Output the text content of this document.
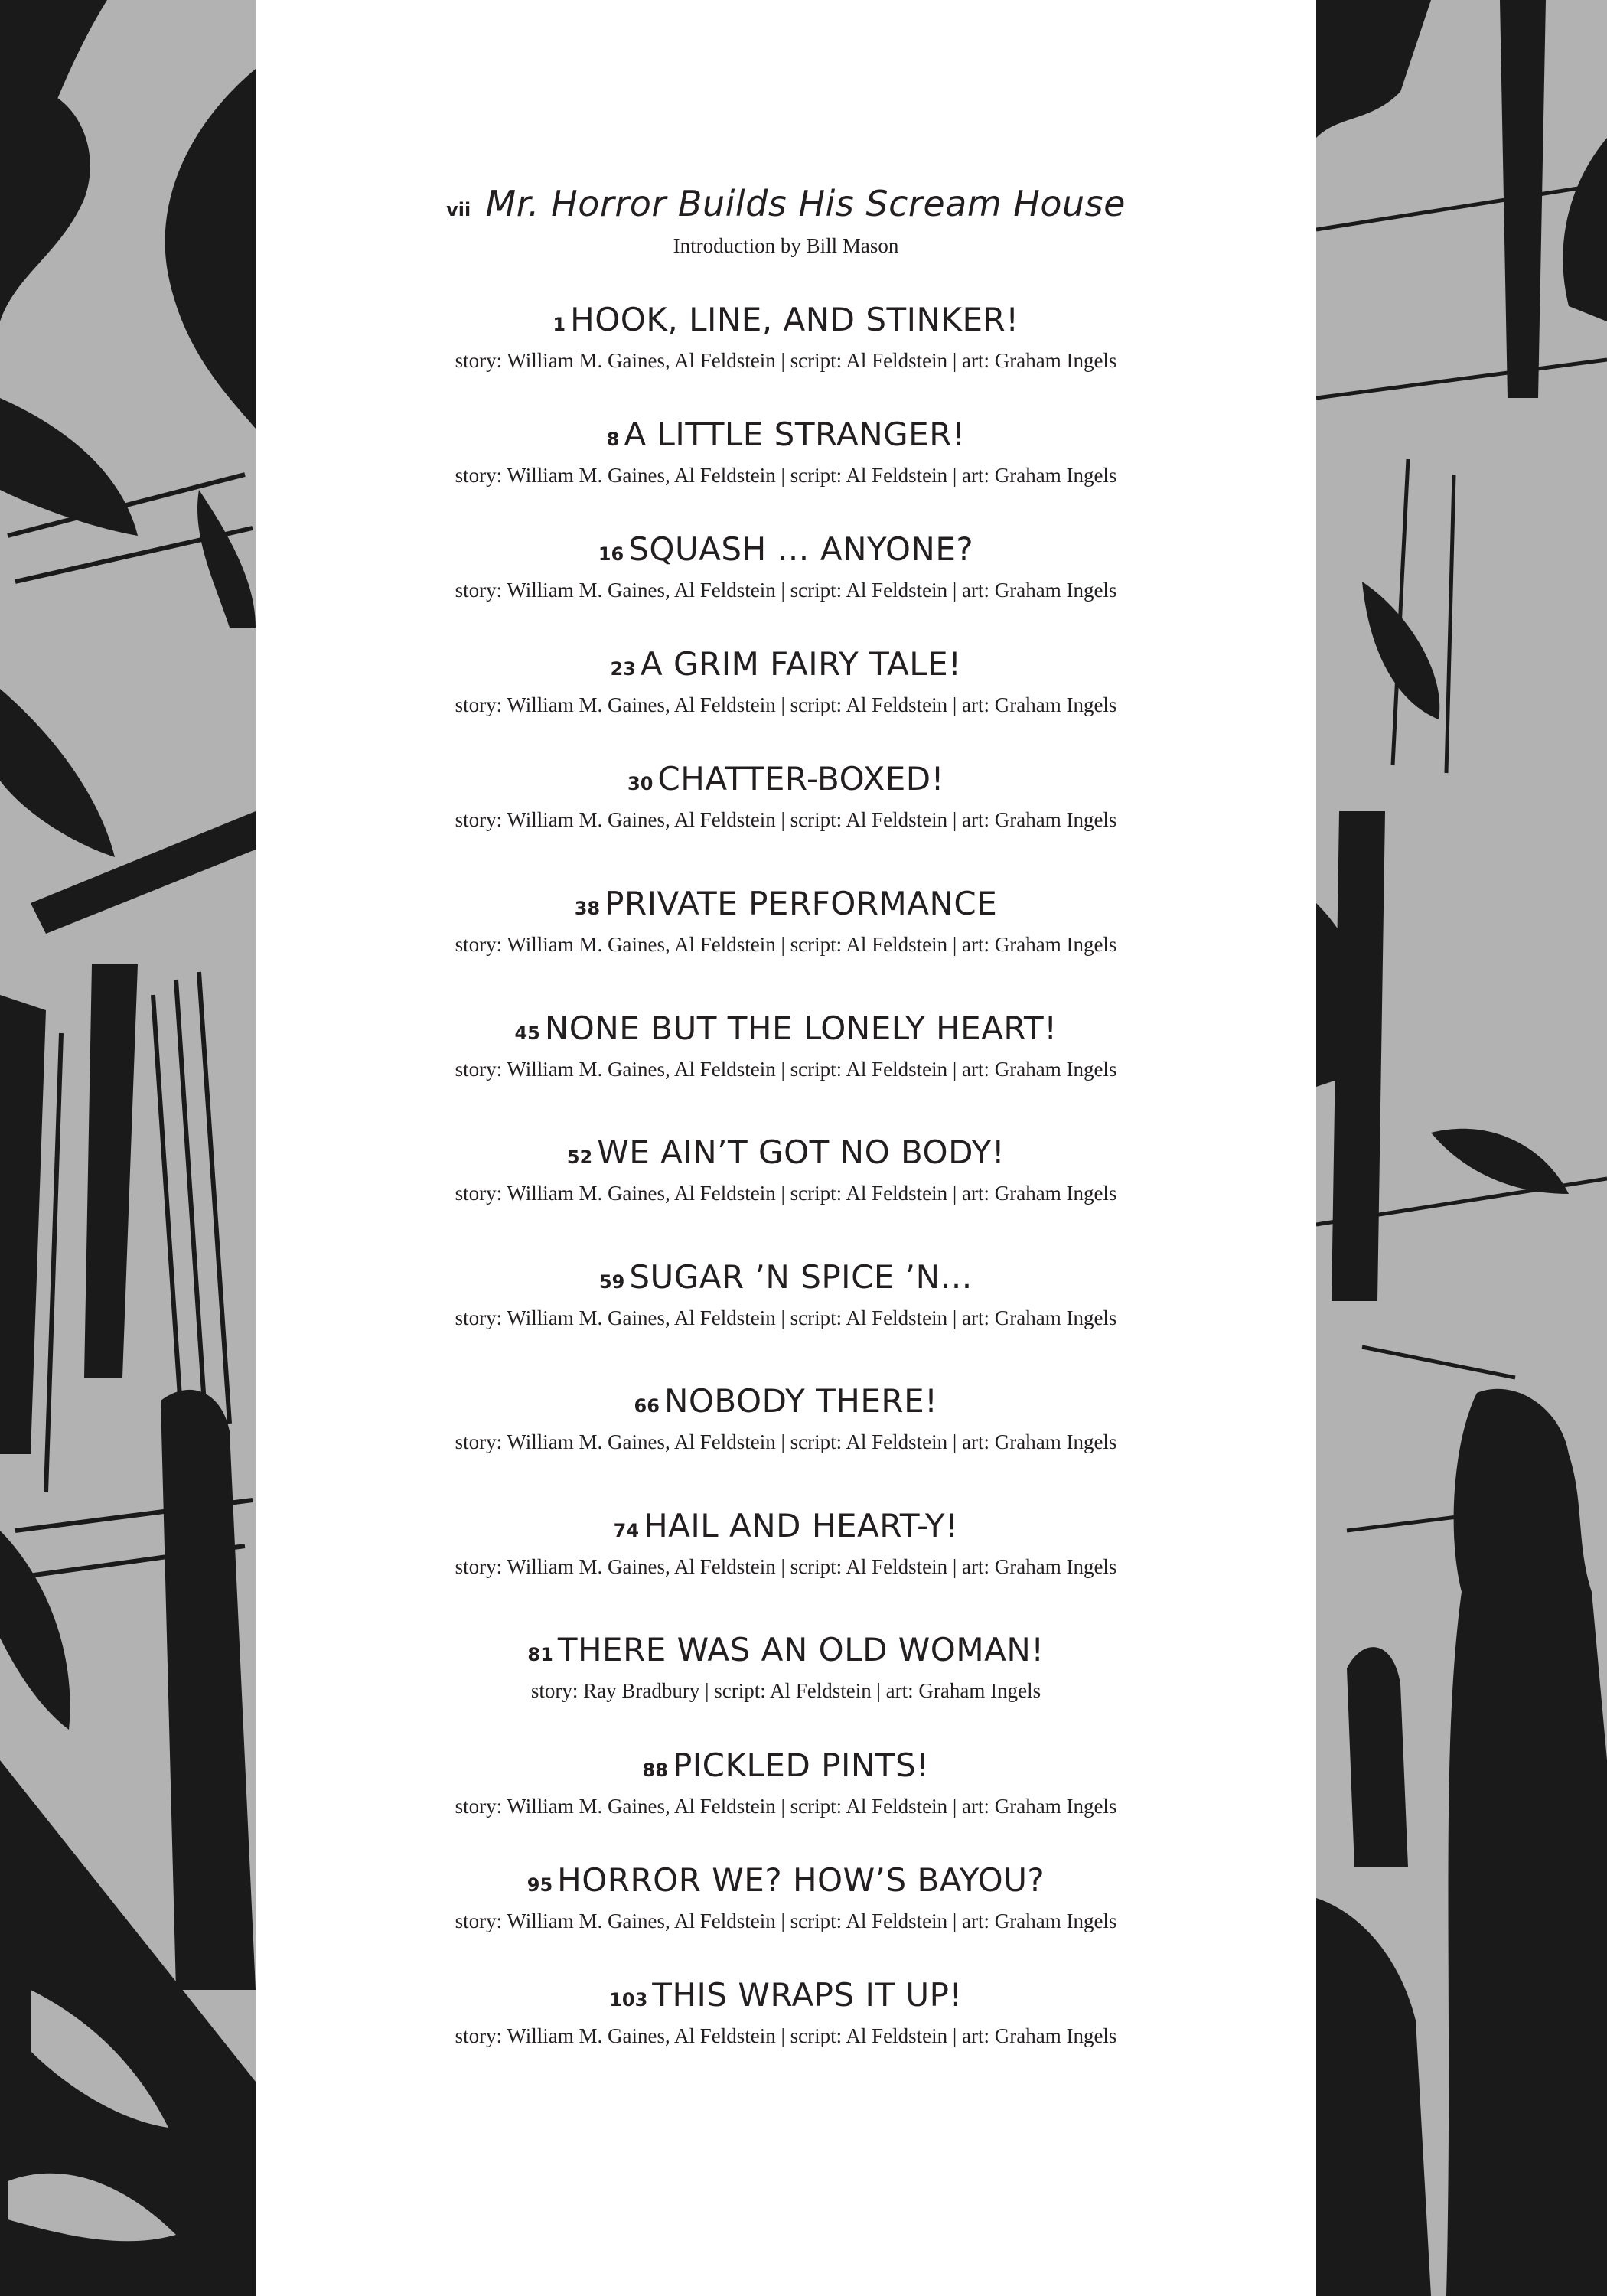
vii Mr. Horror Builds His Scream House
Introduction by Bill Mason
1 HOOK, LINE, AND STINKER!
story: William M. Gaines, Al Feldstein | script: Al Feldstein | art: Graham Ingels
8 A LITTLE STRANGER!
story: William M. Gaines, Al Feldstein | script: Al Feldstein | art: Graham Ingels
16 SQUASH … ANYONE?
story: William M. Gaines, Al Feldstein | script: Al Feldstein | art: Graham Ingels
23 A GRIM FAIRY TALE!
story: William M. Gaines, Al Feldstein | script: Al Feldstein | art: Graham Ingels
30 CHATTER-BOXED!
story: William M. Gaines, Al Feldstein | script: Al Feldstein | art: Graham Ingels
38 PRIVATE PERFORMANCE
story: William M. Gaines, Al Feldstein | script: Al Feldstein | art: Graham Ingels
45 NONE BUT THE LONELY HEART!
story: William M. Gaines, Al Feldstein | script: Al Feldstein | art: Graham Ingels
52 WE AIN’T GOT NO BODY!
story: William M. Gaines, Al Feldstein | script: Al Feldstein | art: Graham Ingels
59 SUGAR ’N SPICE ’N…
story: William M. Gaines, Al Feldstein | script: Al Feldstein | art: Graham Ingels
66 NOBODY THERE!
story: William M. Gaines, Al Feldstein | script: Al Feldstein | art: Graham Ingels
74 HAIL AND HEART-Y!
story: William M. Gaines, Al Feldstein | script: Al Feldstein | art: Graham Ingels
81 THERE WAS AN OLD WOMAN!
story: Ray Bradbury | script: Al Feldstein | art: Graham Ingels
88 PICKLED PINTS!
story: William M. Gaines, Al Feldstein | script: Al Feldstein | art: Graham Ingels
95 HORROR WE? HOW’S BAYOU?
story: William M. Gaines, Al Feldstein | script: Al Feldstein | art: Graham Ingels
103 THIS WRAPS IT UP!
story: William M. Gaines, Al Feldstein | script: Al Feldstein | art: Graham Ingels
